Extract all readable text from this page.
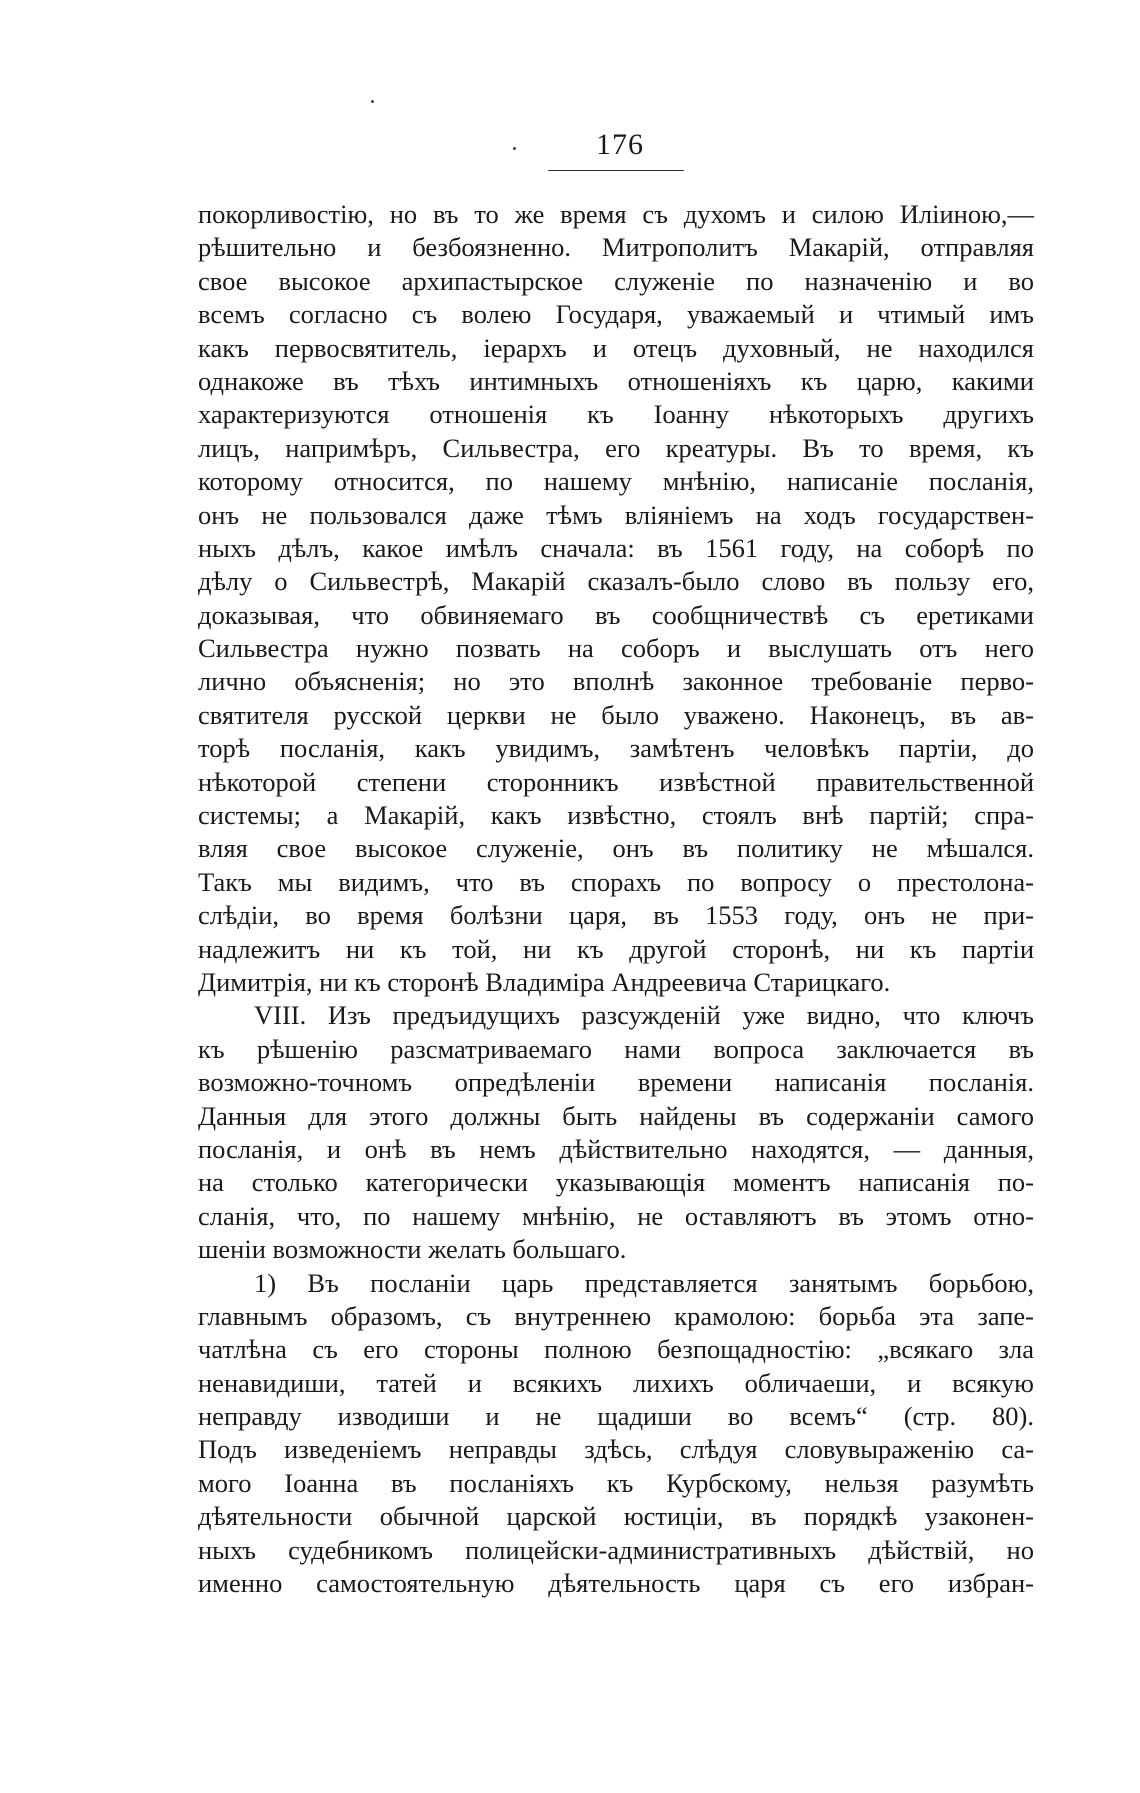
176
покорливостію, но въ то же время съ духомъ и силою Иліиною,—
рѣшительно и безбоязненно. Митрополитъ Макарій, отправляя
свое высокое архипастырское служеніе по назначенію и во
всемъ согласно съ волею Государя, уважаемый и чтимый имъ
какъ первосвятитель, іерархъ и отецъ духовный, не находился
однакоже въ тѣхъ интимныхъ отношеніяхъ къ царю, какими
характеризуются отношенія къ Іоанну нѣкоторыхъ другихъ
лицъ, напримѣръ, Сильвестра, его креатуры. Въ то время, къ
которому относится, по нашему мнѣнію, написаніе посланія,
онъ не пользовался даже тѣмъ вліяніемъ на ходъ государствен-
ныхъ дѣлъ, какое имѣлъ сначала: въ 1561 году, на соборѣ по
дѣлу о Сильвестрѣ, Макарій сказалъ-было слово въ пользу его,
доказывая, что обвиняемаго въ сообщничествѣ съ еретиками
Сильвестра нужно позвать на соборъ и выслушать отъ него
лично объясненія; но это вполнѣ законное требованіе перво-
святителя русской церкви не было уважено. Наконецъ, въ ав-
торѣ посланія, какъ увидимъ, замѣтенъ человѣкъ партіи, до
нѣкоторой степени сторонникъ извѣстной правительственной
системы; а Макарій, какъ извѣстно, стоялъ внѣ партій; спра-
вляя свое высокое служеніе, онъ въ политику не мѣшался.
Такъ мы видимъ, что въ спорахъ по вопросу о престолона-
слѣдіи, во время болѣзни царя, въ 1553 году, онъ не при-
надлежитъ ни къ той, ни къ другой сторонѣ, ни къ партіи
Димитрія, ни къ сторонѣ Владиміра Андреевича Старицкаго.
VIII. Изъ предъидущихъ разсужденій уже видно, что ключъ
къ рѣшенію разсматриваемаго нами вопроса заключается въ
возможно-точномъ опредѣленіи времени написанія посланія.
Данныя для этого должны быть найдены въ содержаніи самого
посланія, и онѣ въ немъ дѣйствительно находятся, — данныя,
на столько категорически указывающія моментъ написанія по-
сланія, что, по нашему мнѣнію, не оставляютъ въ этомъ отно-
шеніи возможности желать большаго.
1) Въ посланіи царь представляется занятымъ борьбою,
главнымъ образомъ, съ внутреннею крамолою: борьба эта запе-
чатлѣна съ его стороны полною безпощадностію: „всякаго зла
ненавидиши, татей и всякихъ лихихъ обличаеши, и всякую
неправду изводиши и не щадиши во всемъ“ (стр. 80).
Подъ изведеніемъ неправды здѣсь, слѣдуя словувыраженію са-
мого Іоанна въ посланіяхъ къ Курбскому, нельзя разумѣть
дѣятельности обычной царской юстиціи, въ порядкѣ узаконен-
ныхъ судебникомъ полицейски-административныхъ дѣйствій, но
именно самостоятельную дѣятельность царя съ его избран-
